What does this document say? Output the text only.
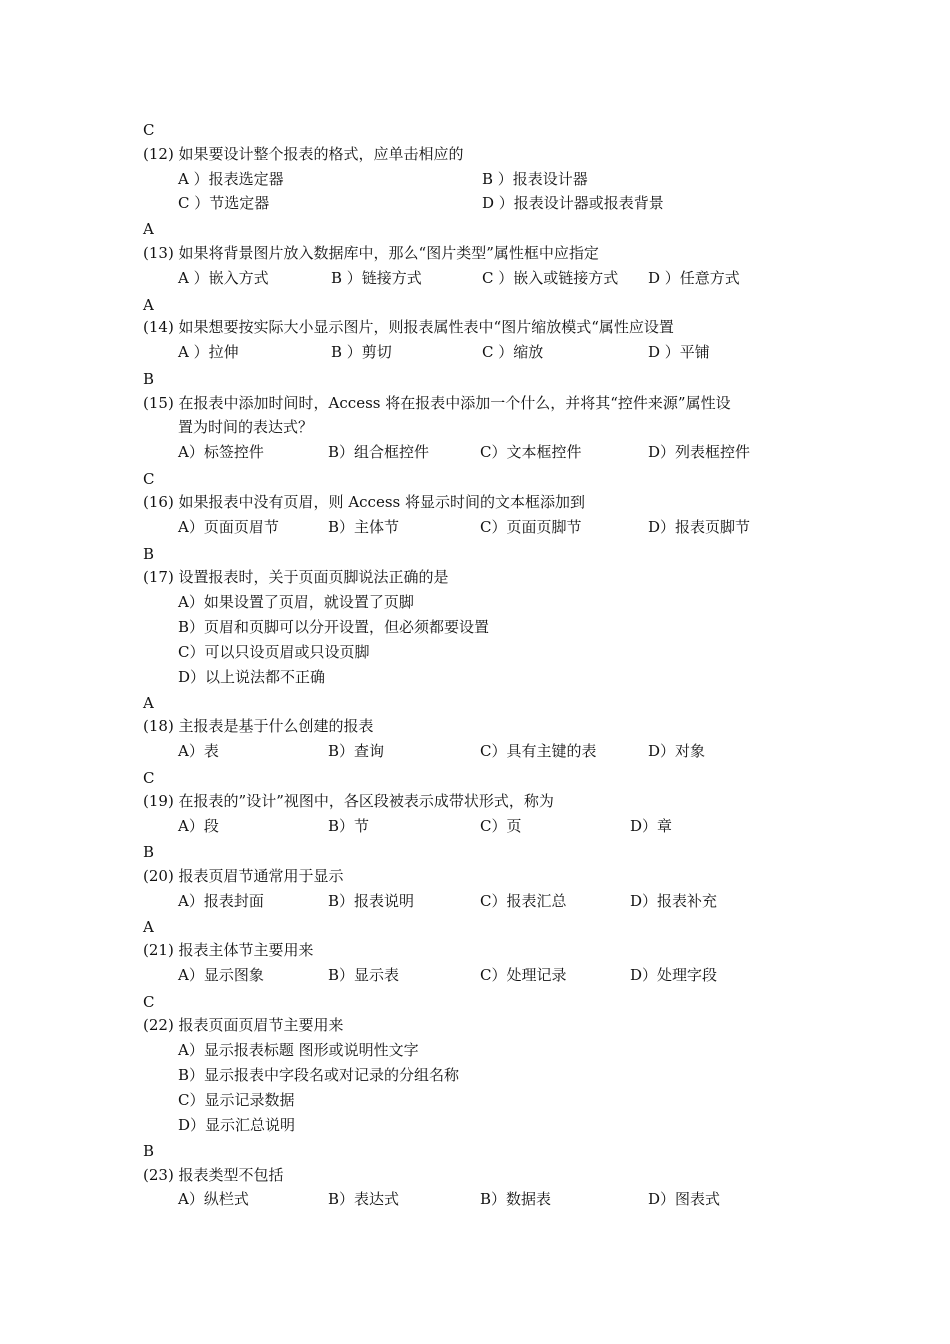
C
(12) 如果要设计整个报表的格式，应单击相应的
A ）报表选定器	B ）报表设计器
C ）节选定器	D ）报表设计器或报表背景
A
(13) 如果将背景图片放入数据库中，那么“图片类型”属性框中应指定
A ）嵌入方式	B ）链接方式	C ）嵌入或链接方式 D ）任意方式
A
(14) 如果想要按实际大小显示图片，则报表属性表中“图片缩放模式“属性应设置
A ）拉伸	B ）剪切	C ）缩放	D ）平铺
B
(15) 在报表中添加时间时，Access 将在报表中添加一个什么，并将其“控件来源”属性设
置为时间的表达式？
A）标签控件	B）组合框控件	C）文本框控件	D）列表框控件
C
(16) 如果报表中没有页眉，则 Access 将显示时间的文本框添加到
A）页面页眉节	B）主体节	C）页面页脚节	D）报表页脚节
B
(17) 设置报表时，关于页面页脚说法正确的是
A）如果设置了页眉，就设置了页脚
B）页眉和页脚可以分开设置，但必须都要设置
C）可以只设页眉或只设页脚
D）以上说法都不正确
A
(18) 主报表是基于什么创建的报表
A）表	B）查询	C）具有主键的表	D）对象
C
(19) 在报表的”设计”视图中，各区段被表示成带状形式，称为
A）段	B）节	C）页	D）章
B
(20) 报表页眉节通常用于显示
A）报表封面	B）报表说明	C）报表汇总	D）报表补充
A
(21) 报表主体节主要用来
A）显示图象	B）显示表	C）处理记录	D）处理字段
C
(22) 报表页面页眉节主要用来
A）显示报表标题 图形或说明性文字
B）显示报表中字段名或对记录的分组名称
C）显示记录数据
D）显示汇总说明
B
(23) 报表类型不包括
A）纵栏式	B）表达式	B）数据表	D）图表式
